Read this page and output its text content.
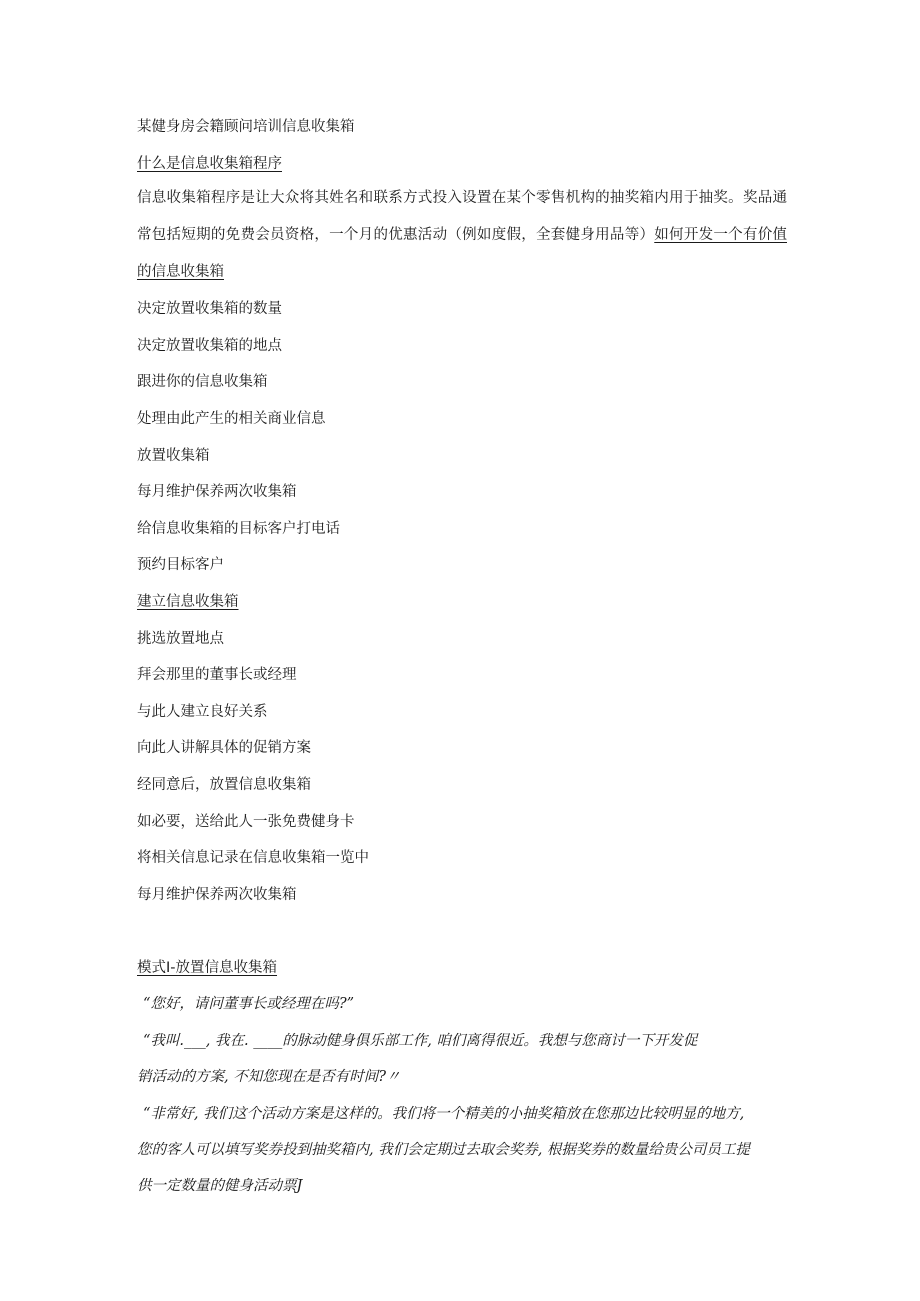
某健身房会籍顾问培训信息收集箱
什么是信息收集箱程序
信息收集箱程序是让大众将其姓名和联系方式投入设置在某个零售机构的抽奖箱内用于抽奖。奖品通常包括短期的免费会员资格，一个月的优惠活动（例如度假，全套健身用品等）如何开发一个有价值的信息收集箱
决定放置收集箱的数量
决定放置收集箱的地点
跟进你的信息收集箱
处理由此产生的相关商业信息
放置收集箱
每月维护保养两次收集箱
给信息收集箱的目标客户打电话
预约目标客户
建立信息收集箱
挑选放置地点
拜会那里的董事长或经理
与此人建立良好关系
向此人讲解具体的促销方案
经同意后，放置信息收集箱
如必要，送给此人一张免费健身卡
将相关信息记录在信息收集箱一览中
每月维护保养两次收集箱
模式I-放置信息收集箱
“您好，请问董事长或经理在吗?”
“我叫.___, 我在. ____的脉动健身俱乐部工作, 咱们离得很近。我想与您商讨一下开发促
销活动的方案, 不知您现在是否有时间?〃
“非常好, 我们这个活动方案是这样的。我们将一个精美的小抽奖箱放在您那边比较明显的地方,
您的客人可以填写奖券投到抽奖箱内, 我们会定期过去取会奖券, 根据奖券的数量给贵公司员工提
供一定数量的健身活动票J
